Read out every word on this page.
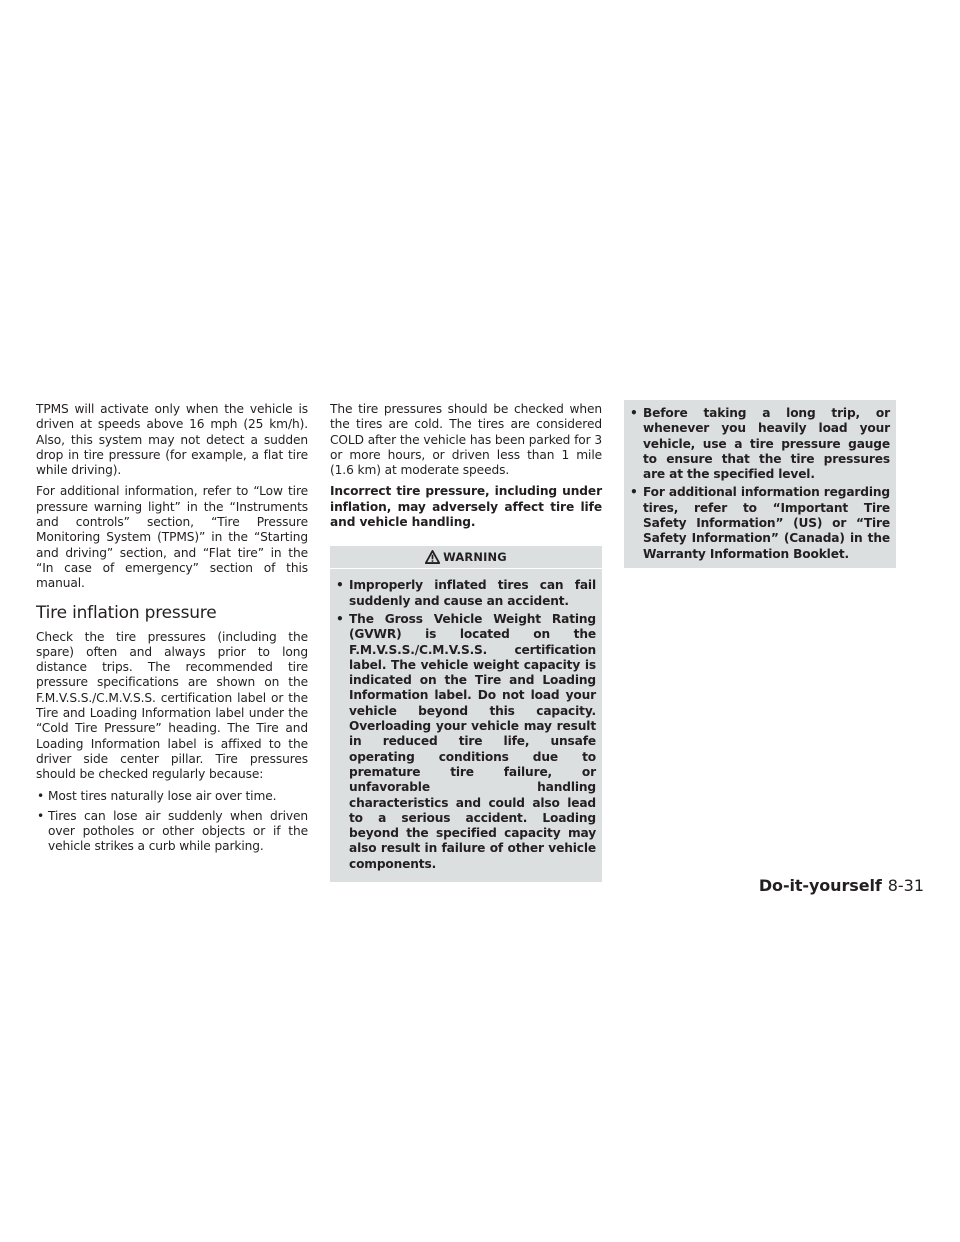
TPMS will activate only when the vehicle is driven at speeds above 16 mph (25 km/h). Also, this system may not detect a sudden drop in tire pressure (for example, a flat tire while driving).

For additional information, refer to “Low tire pressure warning light” in the “Instruments and controls” section, “Tire Pressure Monitoring System (TPMS)” in the “Starting and driving” section, and “Flat tire” in the “In case of emergency” section of this manual.

Tire inflation pressure

Check the tire pressures (including the spare) often and always prior to long distance trips. The recommended tire pressure specifications are shown on the F.M.V.S.S./C.M.V.S.S. certification label or the Tire and Loading Information label under the “Cold Tire Pressure” heading. The Tire and Loading Information label is affixed to the driver side center pillar. Tire pressures should be checked regularly because:

• Most tires naturally lose air over time.
• Tires can lose air suddenly when driven over potholes or other objects or if the vehicle strikes a curb while parking.

The tire pressures should be checked when the tires are cold. The tires are considered COLD after the vehicle has been parked for 3 or more hours, or driven less than 1 mile (1.6 km) at moderate speeds.

Incorrect tire pressure, including under inflation, may adversely affect tire life and vehicle handling.

WARNING
• Improperly inflated tires can fail suddenly and cause an accident.
• The Gross Vehicle Weight Rating (GVWR) is located on the F.M.V.S.S./C.M.V.S.S. certification label. The vehicle weight capacity is indicated on the Tire and Loading Information label. Do not load your vehicle beyond this capacity. Overloading your vehicle may result in reduced tire life, unsafe operating conditions due to premature tire failure, or unfavorable handling characteristics and could also lead to a serious accident. Loading beyond the specified capacity may also result in failure of other vehicle components.
• Before taking a long trip, or whenever you heavily load your vehicle, use a tire pressure gauge to ensure that the tire pressures are at the specified level.
• For additional information regarding tires, refer to “Important Tire Safety Information” (US) or “Tire Safety Information” (Canada) in the Warranty Information Booklet.
Do-it-yourself 8-31
